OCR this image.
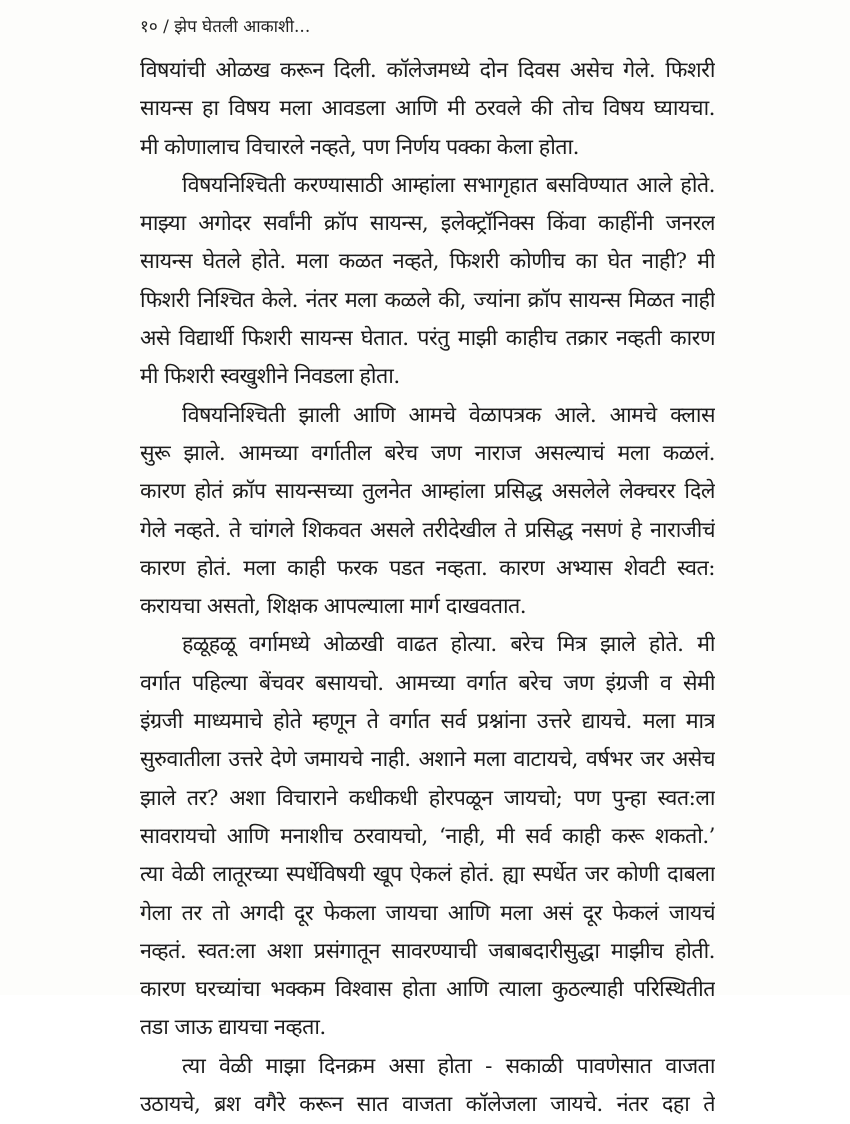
१० / झेप घेतली आकाशी...
विषयांची ओळख करून दिली. कॉलेजमध्ये दोन दिवस असेच गेले. फिशरी
सायन्स हा विषय मला आवडला आणि मी ठरवले की तोच विषय घ्यायचा.
मी कोणालाच विचारले नव्हते, पण निर्णय पक्का केला होता.
विषयनिश्चिती करण्यासाठी आम्हांला सभागृहात बसविण्यात आले होते.
माझ्या अगोदर सर्वांनी क्रॉप सायन्स, इलेक्ट्रॉनिक्स किंवा काहींनी जनरल
सायन्स घेतले होते. मला कळत नव्हते, फिशरी कोणीच का घेत नाही? मी
फिशरी निश्चित केले. नंतर मला कळले की, ज्यांना क्रॉप सायन्स मिळत नाही
असे विद्यार्थी फिशरी सायन्स घेतात. परंतु माझी काहीच तक्रार नव्हती कारण
मी फिशरी स्वखुशीने निवडला होता.
विषयनिश्चिती झाली आणि आमचे वेळापत्रक आले. आमचे क्लास
सुरू झाले. आमच्या वर्गातील बरेच जण नाराज असल्याचं मला कळलं.
कारण होतं क्रॉप सायन्सच्या तुलनेत आम्हांला प्रसिद्ध असलेले लेक्चरर दिले
गेले नव्हते. ते चांगले शिकवत असले तरीदेखील ते प्रसिद्ध नसणं हे नाराजीचं
कारण होतं. मला काही फरक पडत नव्हता. कारण अभ्यास शेवटी स्वत:
करायचा असतो, शिक्षक आपल्याला मार्ग दाखवतात.
हळूहळू वर्गामध्ये ओळखी वाढत होत्या. बरेच मित्र झाले होते. मी
वर्गात पहिल्या बेंचवर बसायचो. आमच्या वर्गात बरेच जण इंग्रजी व सेमी
इंग्रजी माध्यमाचे होते म्हणून ते वर्गात सर्व प्रश्नांना उत्तरे द्यायचे. मला मात्र
सुरुवातीला उत्तरे देणे जमायचे नाही. अशाने मला वाटायचे, वर्षभर जर असेच
झाले तर? अशा विचाराने कधीकधी होरपळून जायचो; पण पुन्हा स्वत:ला
सावरायचो आणि मनाशीच ठरवायचो, ‘नाही, मी सर्व काही करू शकतो.’
त्या वेळी लातूरच्या स्पर्धेविषयी खूप ऐकलं होतं. ह्या स्पर्धेत जर कोणी दाबला
गेला तर तो अगदी दूर फेकला जायचा आणि मला असं दूर फेकलं जायचं
नव्हतं. स्वत:ला अशा प्रसंगातून सावरण्याची जबाबदारीसुद्धा माझीच होती.
कारण घरच्यांचा भक्कम विश्वास होता आणि त्याला कुठल्याही परिस्थितीत
तडा जाऊ द्यायचा नव्हता.
त्या वेळी माझा दिनक्रम असा होता - सकाळी पावणेसात वाजता
उठायचे, ब्रश वगैरे करून सात वाजता कॉलेजला जायचे. नंतर दहा ते
